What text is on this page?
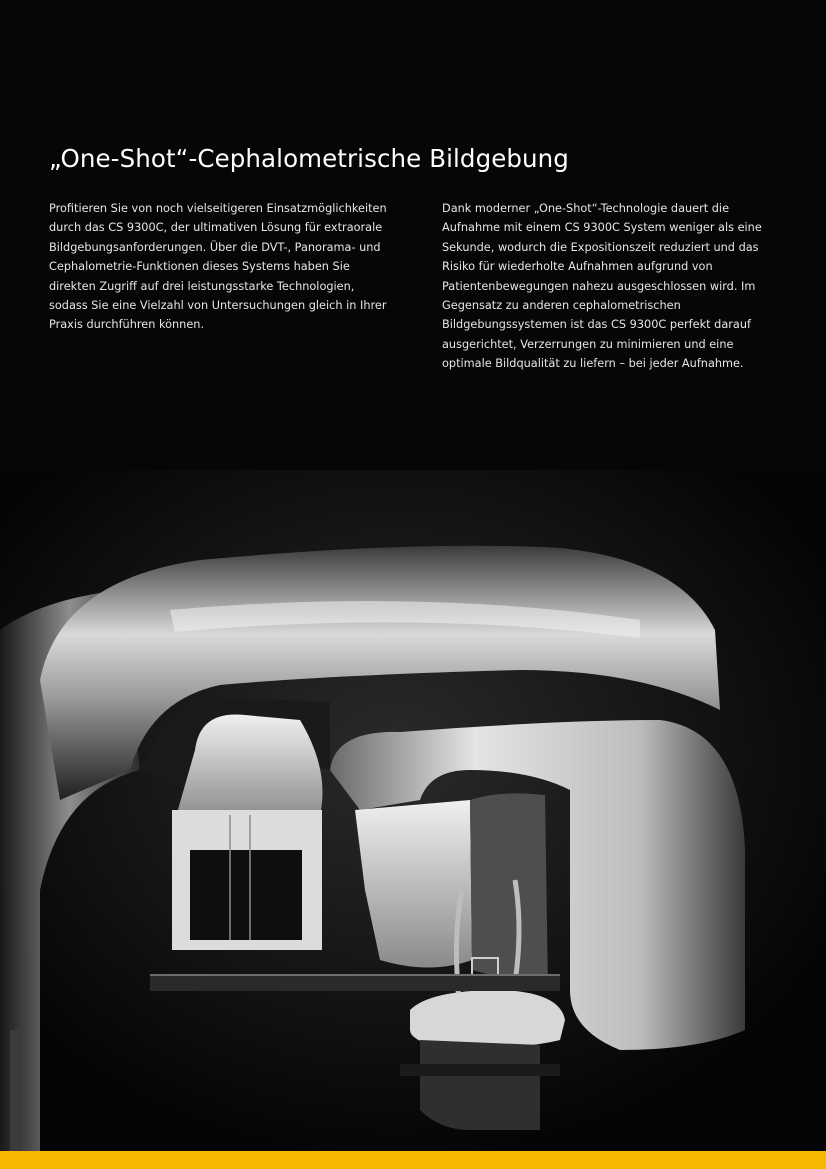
„One-Shot“-Cephalometrische Bildgebung

Profitieren Sie von noch vielseitigeren Einsatzmöglichkeiten durch das CS 9300C, der ultimativen Lösung für extraorale Bildgebungsanforderungen. Über die DVT-, Panorama- und Cephalometrie-Funktionen dieses Systems haben Sie direkten Zugriff auf drei leistungsstarke Technologien, sodass Sie eine Vielzahl von Untersuchungen gleich in Ihrer Praxis durchführen können.

Dank moderner „One-Shot“-Technologie dauert die Aufnahme mit einem CS 9300C System weniger als eine Sekunde, wodurch die Expositionszeit reduziert und das Risiko für wiederholte Aufnahmen aufgrund von Patientenbewegungen nahezu ausgeschlossen wird. Im Gegensatz zu anderen cephalometrischen Bildgebungssystemen ist das CS 9300C perfekt darauf ausgerichtet, Verzerrungen zu minimieren und eine optimale Bildqualität zu liefern – bei jeder Aufnahme.
